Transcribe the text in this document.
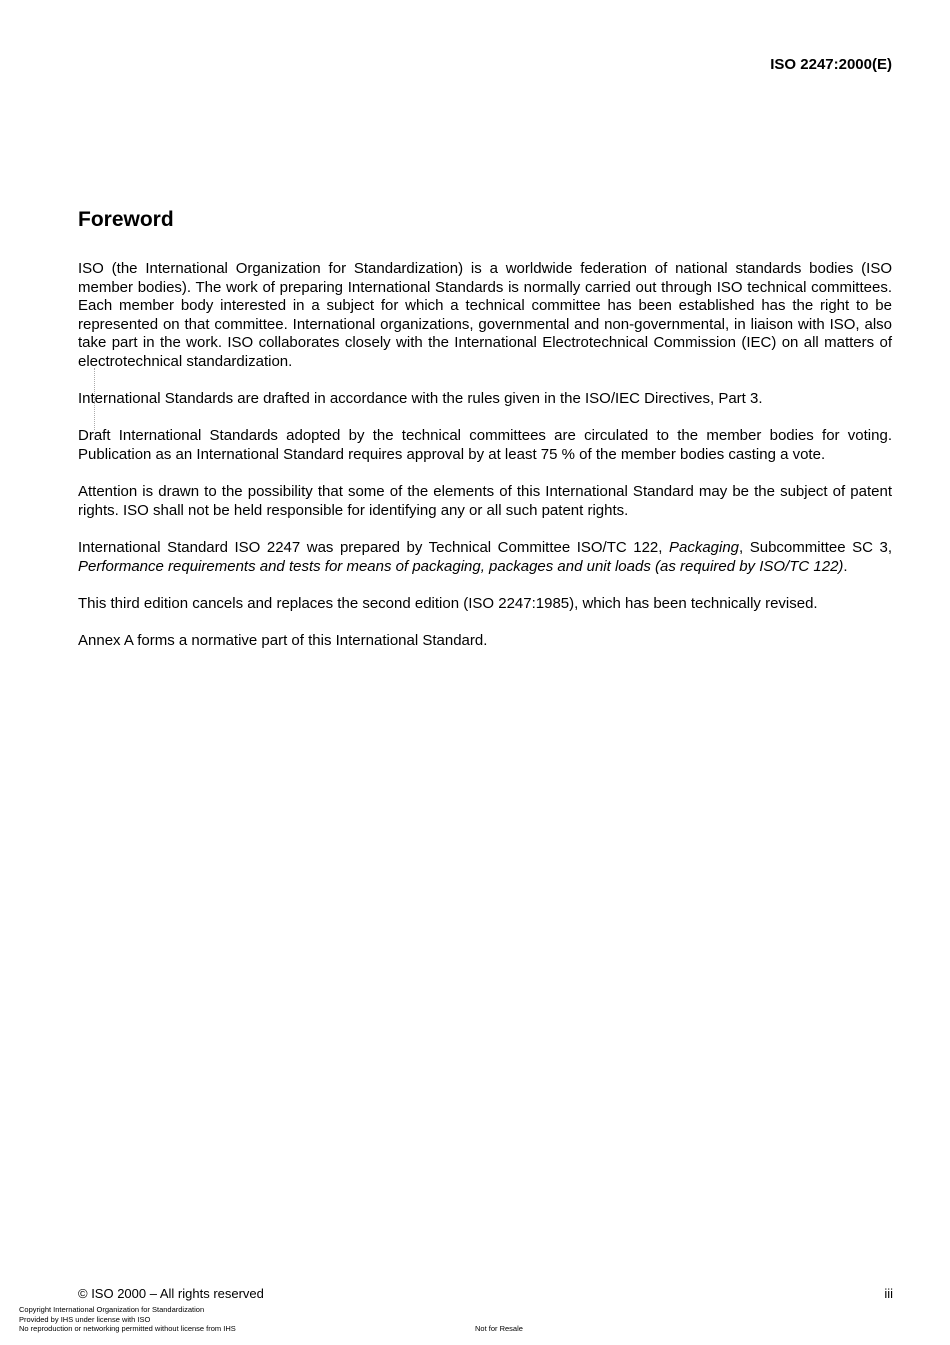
ISO 2247:2000(E)
Foreword

ISO (the International Organization for Standardization) is a worldwide federation of national standards bodies (ISO member bodies). The work of preparing International Standards is normally carried out through ISO technical committees. Each member body interested in a subject for which a technical committee has been established has the right to be represented on that committee. International organizations, governmental and non-governmental, in liaison with ISO, also take part in the work. ISO collaborates closely with the International Electrotechnical Commission (IEC) on all matters of electrotechnical standardization.

International Standards are drafted in accordance with the rules given in the ISO/IEC Directives, Part 3.

Draft International Standards adopted by the technical committees are circulated to the member bodies for voting. Publication as an International Standard requires approval by at least 75 % of the member bodies casting a vote.

Attention is drawn to the possibility that some of the elements of this International Standard may be the subject of patent rights. ISO shall not be held responsible for identifying any or all such patent rights.

International Standard ISO 2247 was prepared by Technical Committee ISO/TC 122, Packaging, Subcommittee SC 3, Performance requirements and tests for means of packaging, packages and unit loads (as required by ISO/TC 122).

This third edition cancels and replaces the second edition (ISO 2247:1985), which has been technically revised.

Annex A forms a normative part of this International Standard.

© ISO 2000 – All rights reserved	iii
Copyright International Organization for Standardization
Provided by IHS under license with ISO
No reproduction or networking permitted without license from IHS	Not for Resale
